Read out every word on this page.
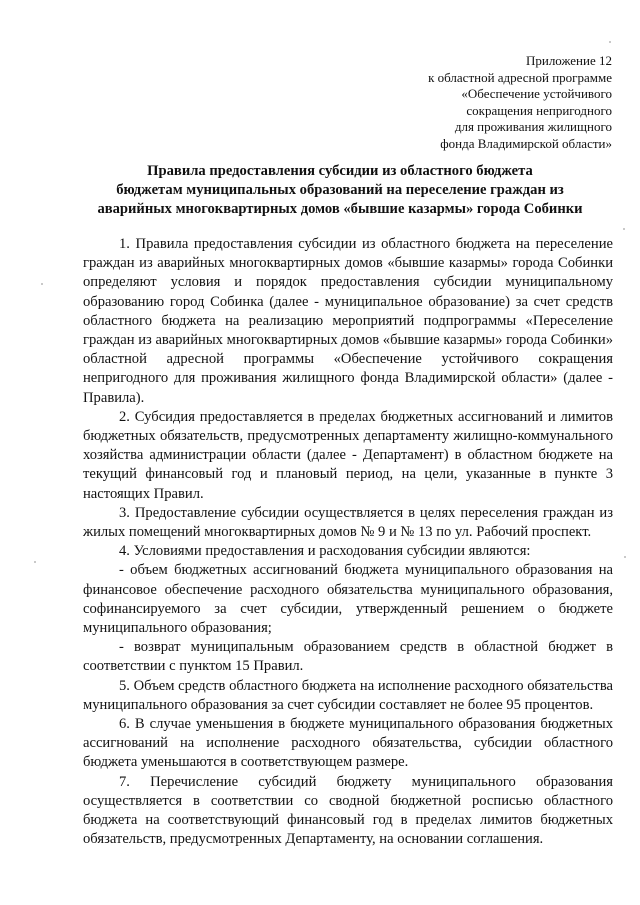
Приложение 12
к областной адресной программе
«Обеспечение устойчивого
сокращения непригодного
для проживания жилищного
фонда Владимирской области»
Правила предоставления субсидии из областного бюджета
бюджетам муниципальных образований на переселение граждан из
аварийных многоквартирных домов «бывшие казармы» города Собинки

1. Правила предоставления субсидии из областного бюджета на переселение граждан из аварийных многоквартирных домов «бывшие казармы» города Собинки определяют условия и порядок предоставления субсидии муниципальному образованию город Собинка (далее - муниципальное образование) за счет средств областного бюджета на реализацию мероприятий подпрограммы «Переселение граждан из аварийных многоквартирных домов «бывшие казармы» города Собинки» областной адресной программы «Обеспечение устойчивого сокращения непригодного для проживания жилищного фонда Владимирской области» (далее - Правила).

2. Субсидия предоставляется в пределах бюджетных ассигнований и лимитов бюджетных обязательств, предусмотренных департаменту жилищно-коммунального хозяйства администрации области (далее - Департамент) в областном бюджете на текущий финансовый год и плановый период, на цели, указанные в пункте 3 настоящих Правил.

3. Предоставление субсидии осуществляется в целях переселения граждан из жилых помещений многоквартирных домов № 9 и № 13 по ул. Рабочий проспект.

4. Условиями предоставления и расходования субсидии являются:

- объем бюджетных ассигнований бюджета муниципального образования на финансовое обеспечение расходного обязательства муниципального образования, софинансируемого за счет субсидии, утвержденный решением о бюджете муниципального образования;

- возврат муниципальным образованием средств в областной бюджет в соответствии с пунктом 15 Правил.

5. Объем средств областного бюджета на исполнение расходного обязательства муниципального образования за счет субсидии составляет не более 95 процентов.

6. В случае уменьшения в бюджете муниципального образования бюджетных ассигнований на исполнение расходного обязательства, субсидии областного бюджета уменьшаются в соответствующем размере.

7. Перечисление субсидий бюджету муниципального образования осуществляется в соответствии со сводной бюджетной росписью областного бюджета на соответствующий финансовый год в пределах лимитов бюджетных обязательств, предусмотренных Департаменту, на основании соглашения.
